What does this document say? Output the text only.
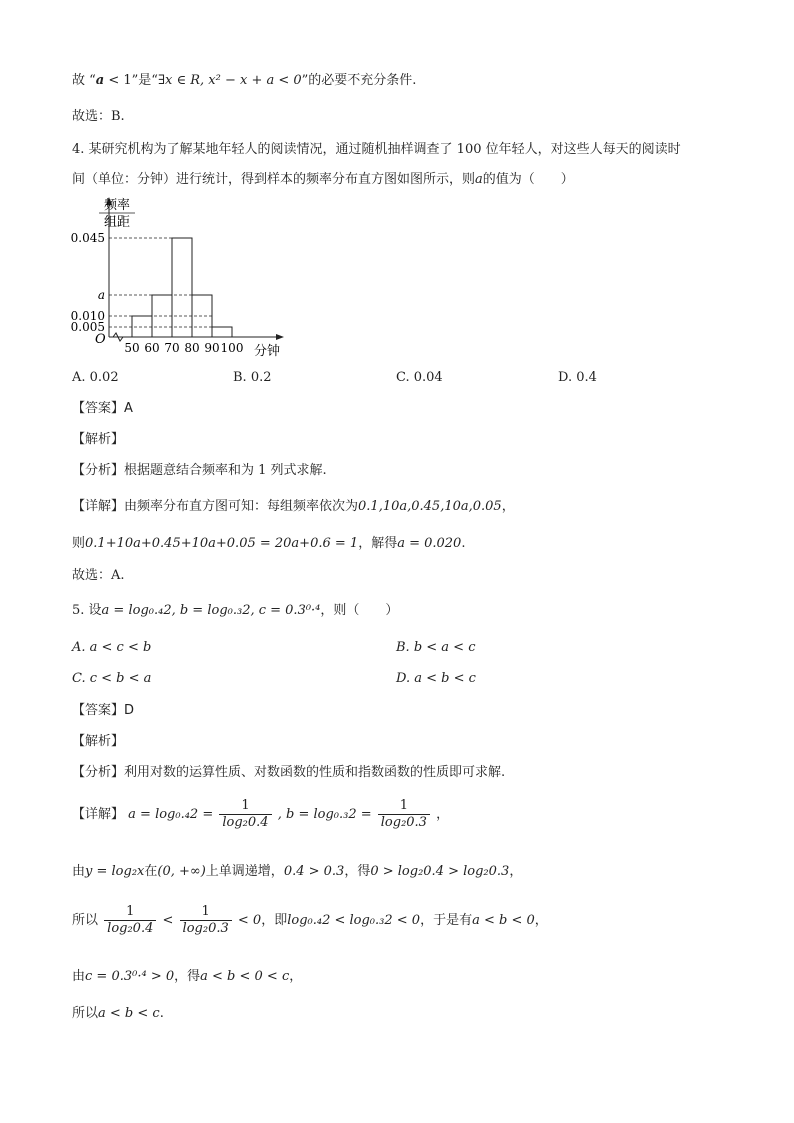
故 “a < 1”是“∃x ∈ R, x² − x + a < 0”的必要不充分条件.
故选：B.
4. 某研究机构为了解某地年轻人的阅读情况，通过随机抽样调查了 100 位年轻人，对这些人每天的阅读时
间（单位：分钟）进行统计，得到样本的频率分布直方图如图所示，则a的值为（　　）
频率
组距
O
分钟
50 60 70 80 90 100
0.045
a
0.010
0.005
A. 0.02	B. 0.2	C. 0.04	D. 0.4
【答案】A
【解析】
【分析】根据题意结合频率和为 1 列式求解.
【详解】由频率分布直方图可知：每组频率依次为0.1,10a,0.45,10a,0.05，
则0.1+10a+0.45+10a+0.05 = 20a+0.6 = 1，解得a = 0.020.
故选：A.
5. 设a = log₀.₄2, b = log₀.₃2, c = 0.3⁰·⁴，则（　　）
A. a < c < b	B. b < a < c
C. c < b < a	D. a < b < c
【答案】D
【解析】
【分析】利用对数的运算性质、对数函数的性质和指数函数的性质即可求解.
【详解】 $a = \log_0._42 = \frac{1}{\text{log₂0.4}}$ , $b = \log_0._32 = \frac{1}{\text{log₂0.3}}$ ，
由y = log₂x在(0, +∞)上单调递增，0.4 > 0.3，得0 > log₂0.4 > log₂0.3，
所以 $\frac{1}{\text{log₂0.4}} < \frac{1}{\text{log₂0.3}} < 0$，即log₀.₄2 < log₀.₃2 < 0，于是有a < b < 0，
由c = 0.3⁰·⁴ > 0，得a < b < 0 < c，
所以a < b < c.
